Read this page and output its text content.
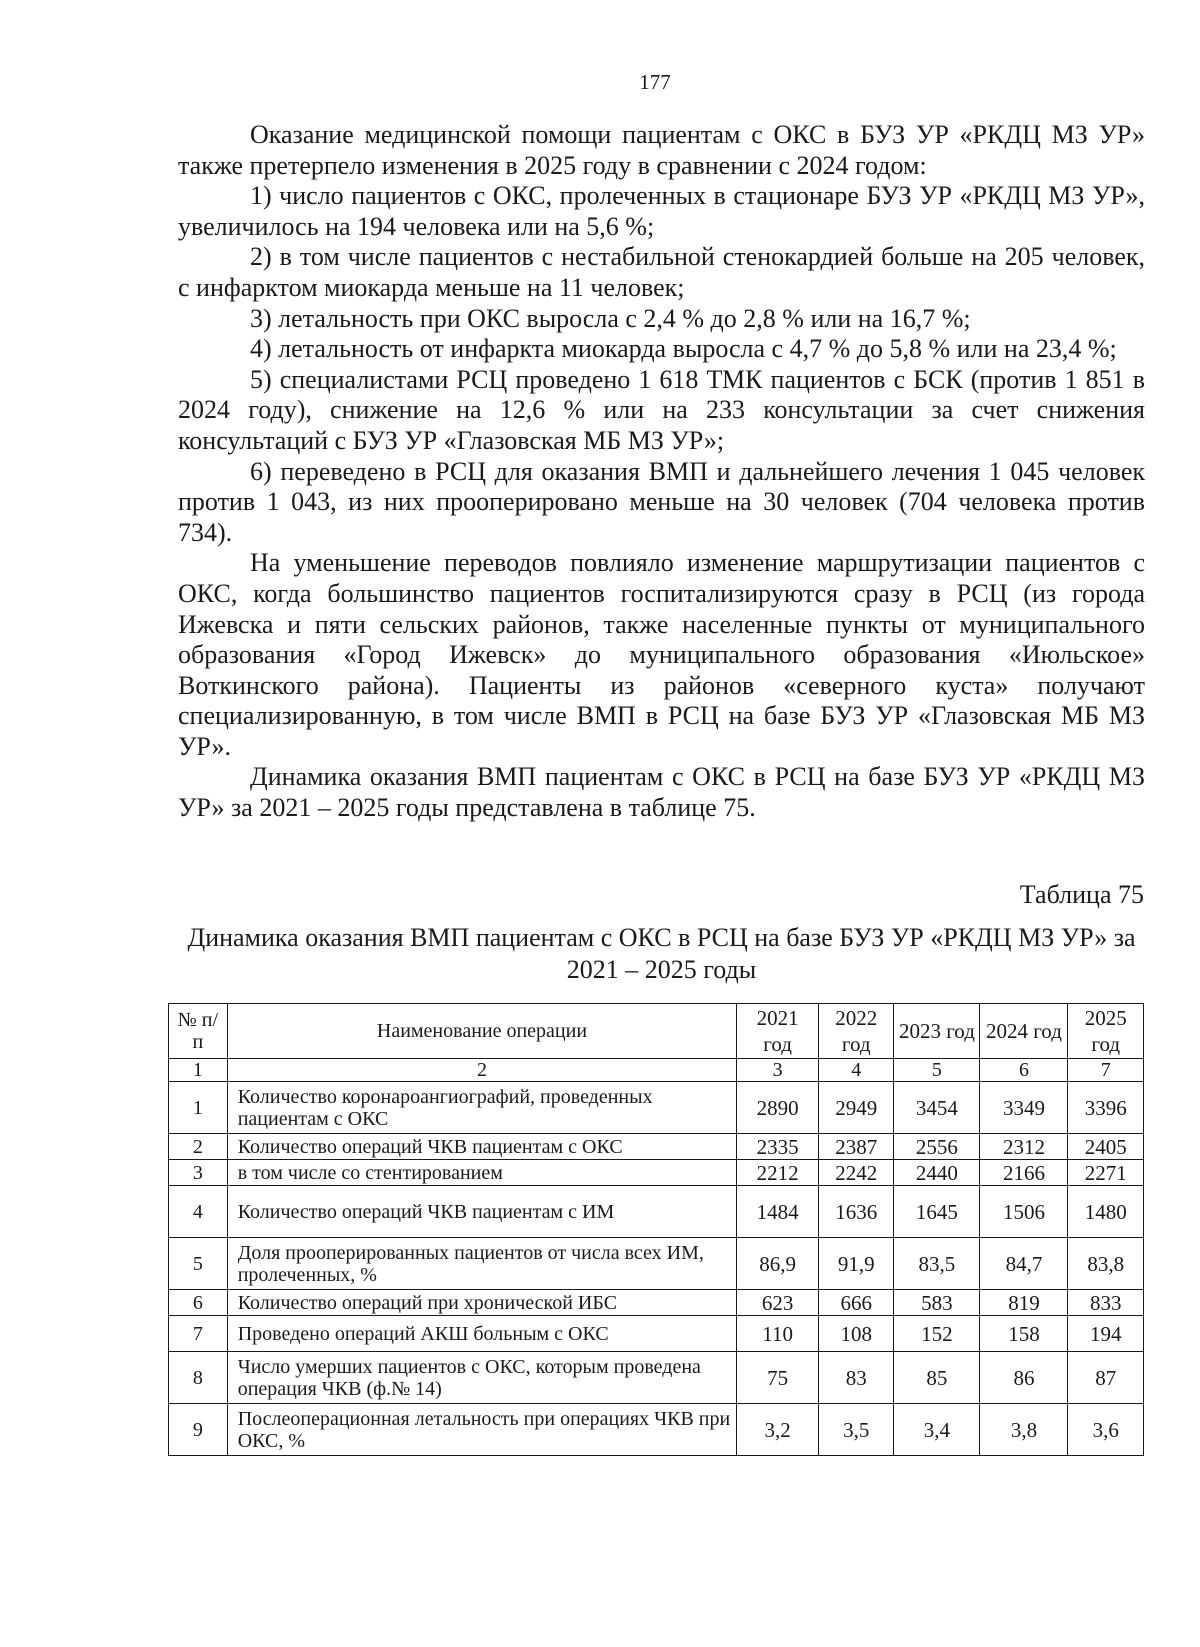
177

Оказание медицинской помощи пациентам с ОКС в БУЗ УР «РКДЦ МЗ УР» также претерпело изменения в 2025 году в сравнении с 2024 годом:

1) число пациентов с ОКС, пролеченных в стационаре БУЗ УР «РКДЦ МЗ УР», увеличилось на 194 человека или на 5,6 %;

2) в том числе пациентов с нестабильной стенокардией больше на 205 человек, с инфарктом миокарда меньше на 11 человек;

3) летальность при ОКС выросла с 2,4 % до 2,8 % или на 16,7 %;

4) летальность от инфаркта миокарда выросла с 4,7 % до 5,8 % или на 23,4 %;

5) специалистами РСЦ проведено 1 618 ТМК пациентов с БСК (против 1 851 в 2024 году), снижение на 12,6 % или на 233 консультации за счет снижения консультаций с БУЗ УР «Глазовская МБ МЗ УР»;

6) переведено в РСЦ для оказания ВМП и дальнейшего лечения 1 045 человек против 1 043, из них прооперировано меньше на 30 человек (704 человека против 734).

На уменьшение переводов повлияло изменение маршрутизации пациентов с ОКС, когда большинство пациентов госпитализируются сразу в РСЦ (из города Ижевска и пяти сельских районов, также населенные пункты от муниципального образования «Город Ижевск» до муниципального образования «Июльское» Воткинского района). Пациенты из районов «северного куста» получают специализированную, в том числе ВМП в РСЦ на базе БУЗ УР «Глазовская МБ МЗ УР».

Динамика оказания ВМП пациентам с ОКС в РСЦ на базе БУЗ УР «РКДЦ МЗ УР» за 2021 – 2025 годы представлена в таблице 75.

Таблица 75
Динамика оказания ВМП пациентам с ОКС в РСЦ на базе БУЗ УР «РКДЦ МЗ УР» за 2021 – 2025 годы
№ п/п	Наименование операции	2021 год	2022 год	2023 год	2024 год	2025 год
1	2	3	4	5	6	7
1	Количество коронароангиографий, проведенных пациентам с ОКС	2890	2949	3454	3349	3396
2	Количество операций ЧКВ пациентам с ОКС	2335	2387	2556	2312	2405
3	в том числе со стентированием	2212	2242	2440	2166	2271
4	Количество операций ЧКВ пациентам с ИМ	1484	1636	1645	1506	1480
5	Доля прооперированных пациентов от числа всех ИМ, пролеченных, %	86,9	91,9	83,5	84,7	83,8
6	Количество операций при хронической ИБС	623	666	583	819	833
7	Проведено операций АКШ больным с ОКС	110	108	152	158	194
8	Число умерших пациентов с ОКС, которым проведена операция ЧКВ (ф.№ 14)	75	83	85	86	87
9	Послеоперационная летальность при операциях ЧКВ при ОКС, %	3,2	3,5	3,4	3,8	3,6
